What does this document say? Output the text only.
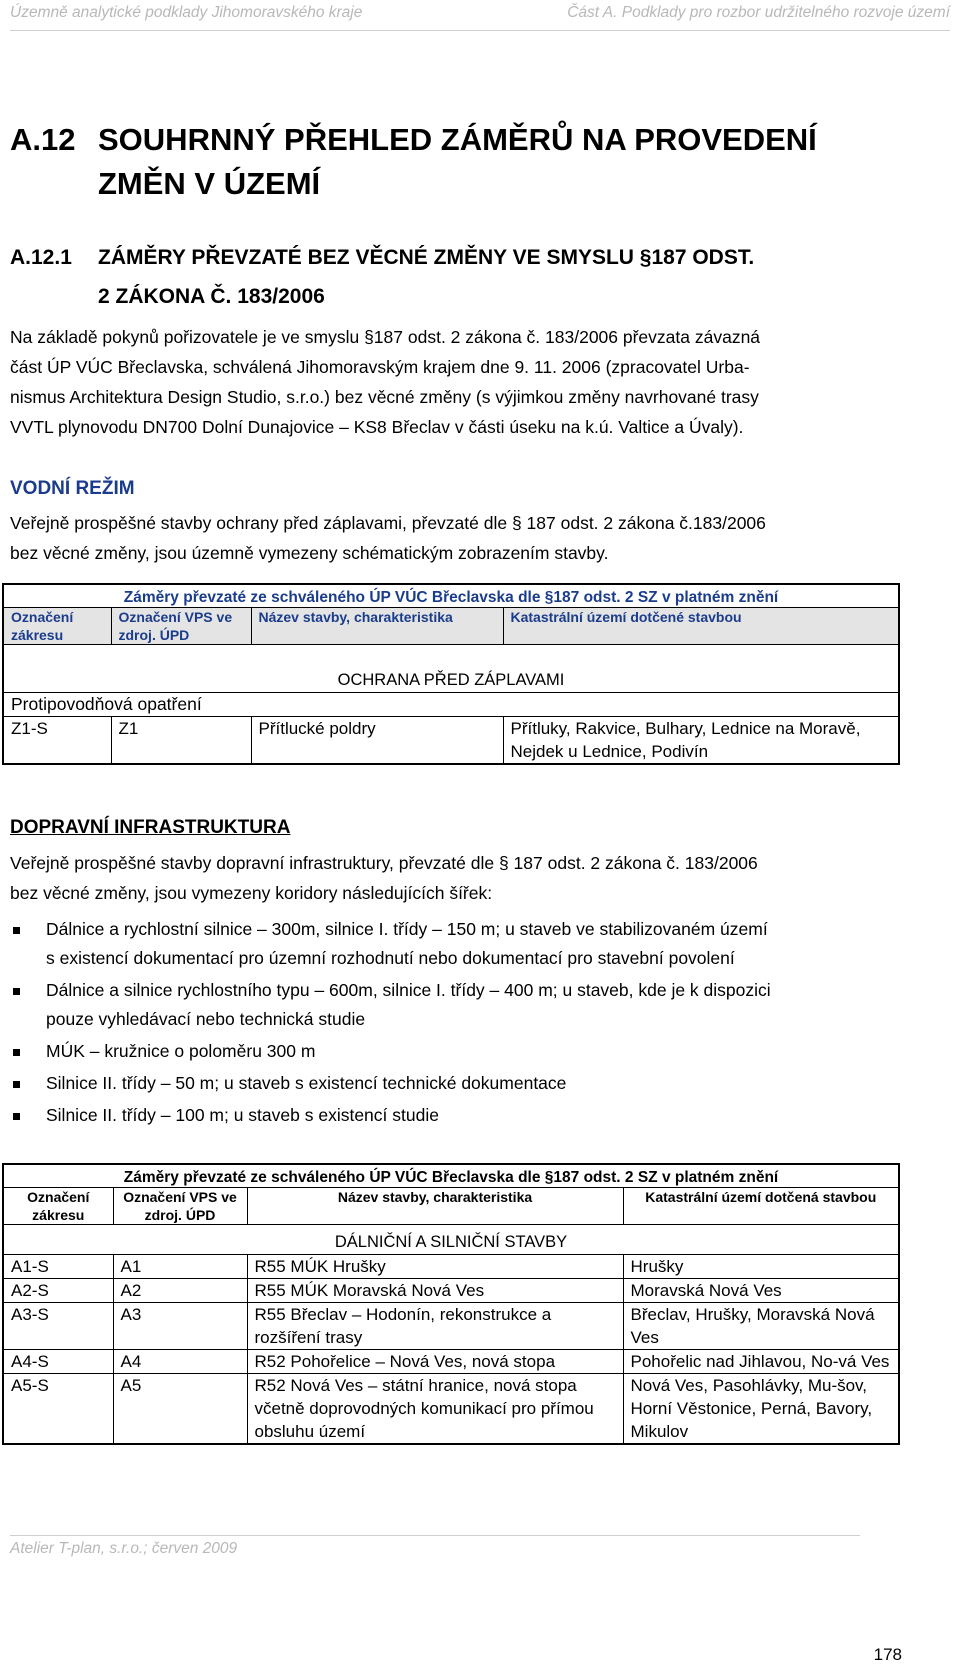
Územně analytické podklady Jihomoravského kraje	Část A. Podklady pro rozbor udržitelného rozvoje území
A.12 SOUHRNNÝ PŘEHLED ZÁMĚRŮ NA PROVEDENÍ
ZMĚN V ÚZEMÍ
A.12.1 ZÁMĚRY PŘEVZATÉ BEZ VĚCNÉ ZMĚNY VE SMYSLU §187 ODST.
2 ZÁKONA Č. 183/2006
Na základě pokynů pořizovatele je ve smyslu §187 odst. 2 zákona č. 183/2006 převzata závazná
část ÚP VÚC Břeclavska, schválená Jihomoravským krajem dne 9. 11. 2006 (zpracovatel Urba-
nismus Architektura Design Studio, s.r.o.) bez věcné změny (s výjimkou změny navrhované trasy
VVTL plynovodu DN700 Dolní Dunajovice – KS8 Břeclav v části úseku na k.ú. Valtice a Úvaly).
VODNÍ REŽIM
Veřejně prospěšné stavby ochrany před záplavami, převzaté dle § 187 odst. 2 zákona č.183/2006
bez věcné změny, jsou územně vymezeny schématickým zobrazením stavby.
Záměry převzaté ze schváleného ÚP VÚC Břeclavska dle §187 odst. 2 SZ v platném znění			
Označení zákresu	Označení VPS ve zdroj. ÚPD	Název stavby, charakteristika	Katastrální území dotčené stavbou
OCHRANA PŘED ZÁPLAVAMI			
Protipovodňová opatření			
Z1-S	Z1	Přítlucké poldry	Přítluky, Rakvice, Bulhary, Lednice na Moravě, Nejdek u Lednice, Podivín
DOPRAVNÍ INFRASTRUKTURA
Veřejně prospěšné stavby dopravní infrastruktury, převzaté dle § 187 odst. 2 zákona č. 183/2006
bez věcné změny, jsou vymezeny koridory následujících šířek:
Dálnice a rychlostní silnice – 300m, silnice I. třídy – 150 m; u staveb ve stabilizovaném území
s existencí dokumentací pro územní rozhodnutí nebo dokumentací pro stavební povolení
Dálnice a silnice rychlostního typu – 600m, silnice I. třídy – 400 m; u staveb, kde je k dispozici
pouze vyhledávací nebo technická studie
MÚK – kružnice o poloměru 300 m
Silnice II. třídy – 50 m; u staveb s existencí technické dokumentace
Silnice II. třídy – 100 m; u staveb s existencí studie
Záměry převzaté ze schváleného ÚP VÚC Břeclavska dle §187 odst. 2 SZ v platném znění			
Označení zákresu	Označení VPS ve zdroj. ÚPD	Název stavby, charakteristika	Katastrální území dotčená stavbou
DÁLNIČNÍ A SILNIČNÍ STAVBY			
A1-S	A1	R55 MÚK Hrušky	Hrušky
A2-S	A2	R55 MÚK Moravská Nová Ves	Moravská Nová Ves
A3-S	A3	R55 Břeclav – Hodonín, rekonstrukce a rozšíření trasy	Břeclav, Hrušky, Moravská Nová Ves
A4-S	A4	R52 Pohořelice – Nová Ves, nová stopa	Pohořelic nad Jihlavou, No-vá Ves
A5-S	A5	R52 Nová Ves – státní hranice, nová stopa včetně doprovodných komunikací pro přímou obsluhu území	Nová Ves, Pasohlávky, Mu-šov, Horní Věstonice, Perná, Bavory, Mikulov
Atelier T-plan, s.r.o.; červen 2009
178
